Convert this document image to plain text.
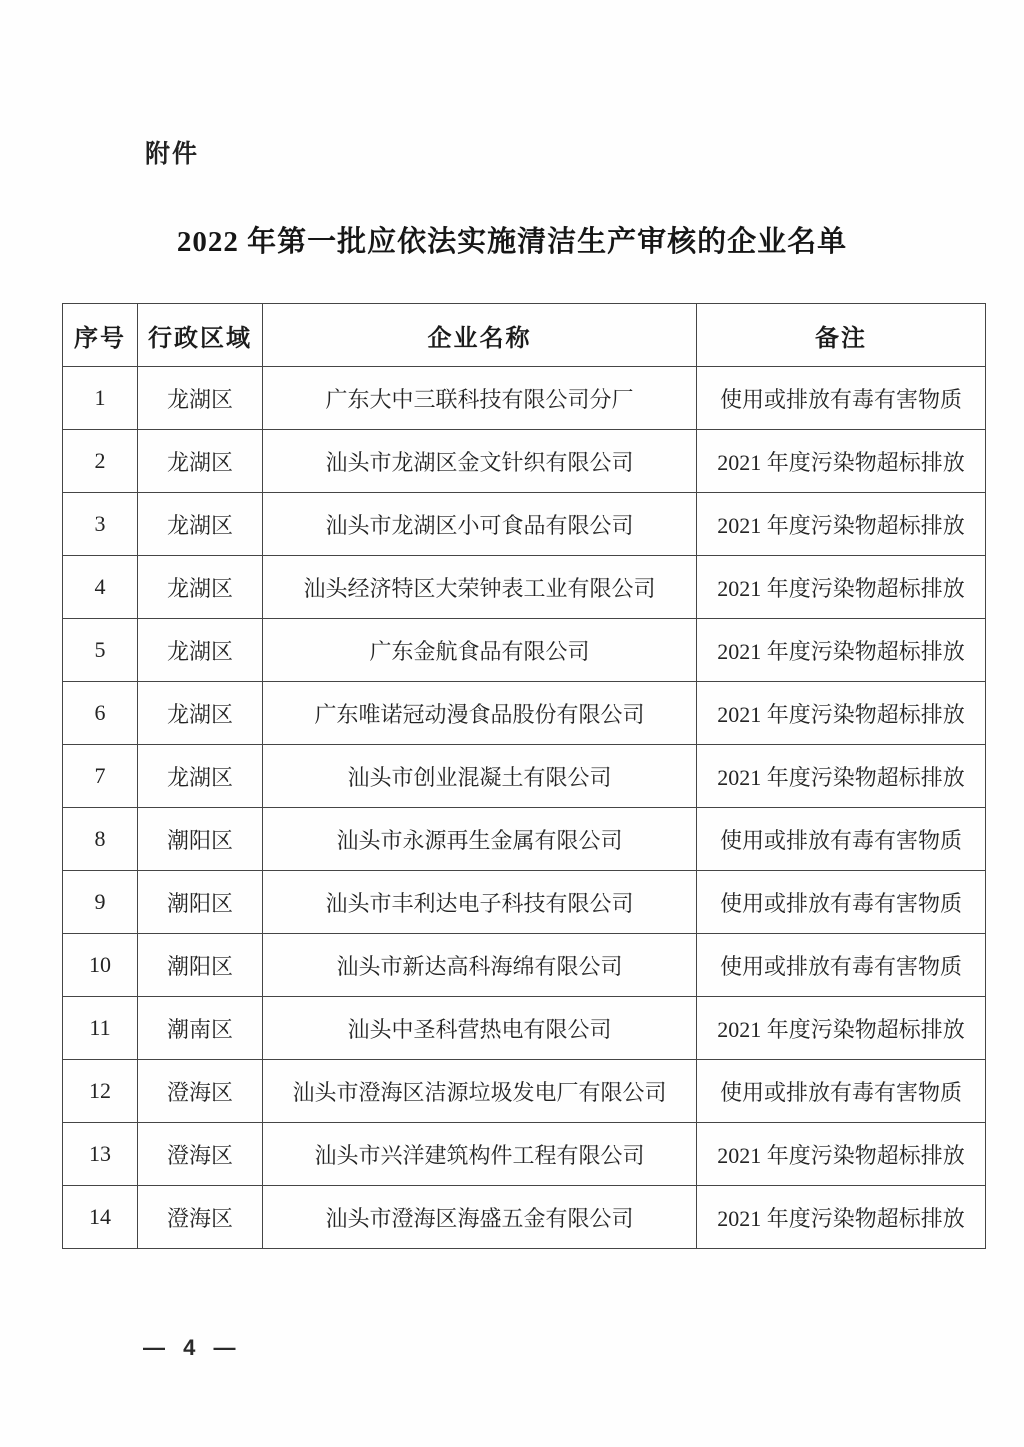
附件
2022 年第一批应依法实施清洁生产审核的企业名单
序号	行政区域	企业名称	备注
1	龙湖区	广东大中三联科技有限公司分厂	使用或排放有毒有害物质
2	龙湖区	汕头市龙湖区金文针织有限公司	2021 年度污染物超标排放
3	龙湖区	汕头市龙湖区小可食品有限公司	2021 年度污染物超标排放
4	龙湖区	汕头经济特区大荣钟表工业有限公司	2021 年度污染物超标排放
5	龙湖区	广东金航食品有限公司	2021 年度污染物超标排放
6	龙湖区	广东唯诺冠动漫食品股份有限公司	2021 年度污染物超标排放
7	龙湖区	汕头市创业混凝土有限公司	2021 年度污染物超标排放
8	潮阳区	汕头市永源再生金属有限公司	使用或排放有毒有害物质
9	潮阳区	汕头市丰利达电子科技有限公司	使用或排放有毒有害物质
10	潮阳区	汕头市新达高科海绵有限公司	使用或排放有毒有害物质
11	潮南区	汕头中圣科营热电有限公司	2021 年度污染物超标排放
12	澄海区	汕头市澄海区洁源垃圾发电厂有限公司	使用或排放有毒有害物质
13	澄海区	汕头市兴洋建筑构件工程有限公司	2021 年度污染物超标排放
14	澄海区	汕头市澄海区海盛五金有限公司	2021 年度污染物超标排放
— 4 —
